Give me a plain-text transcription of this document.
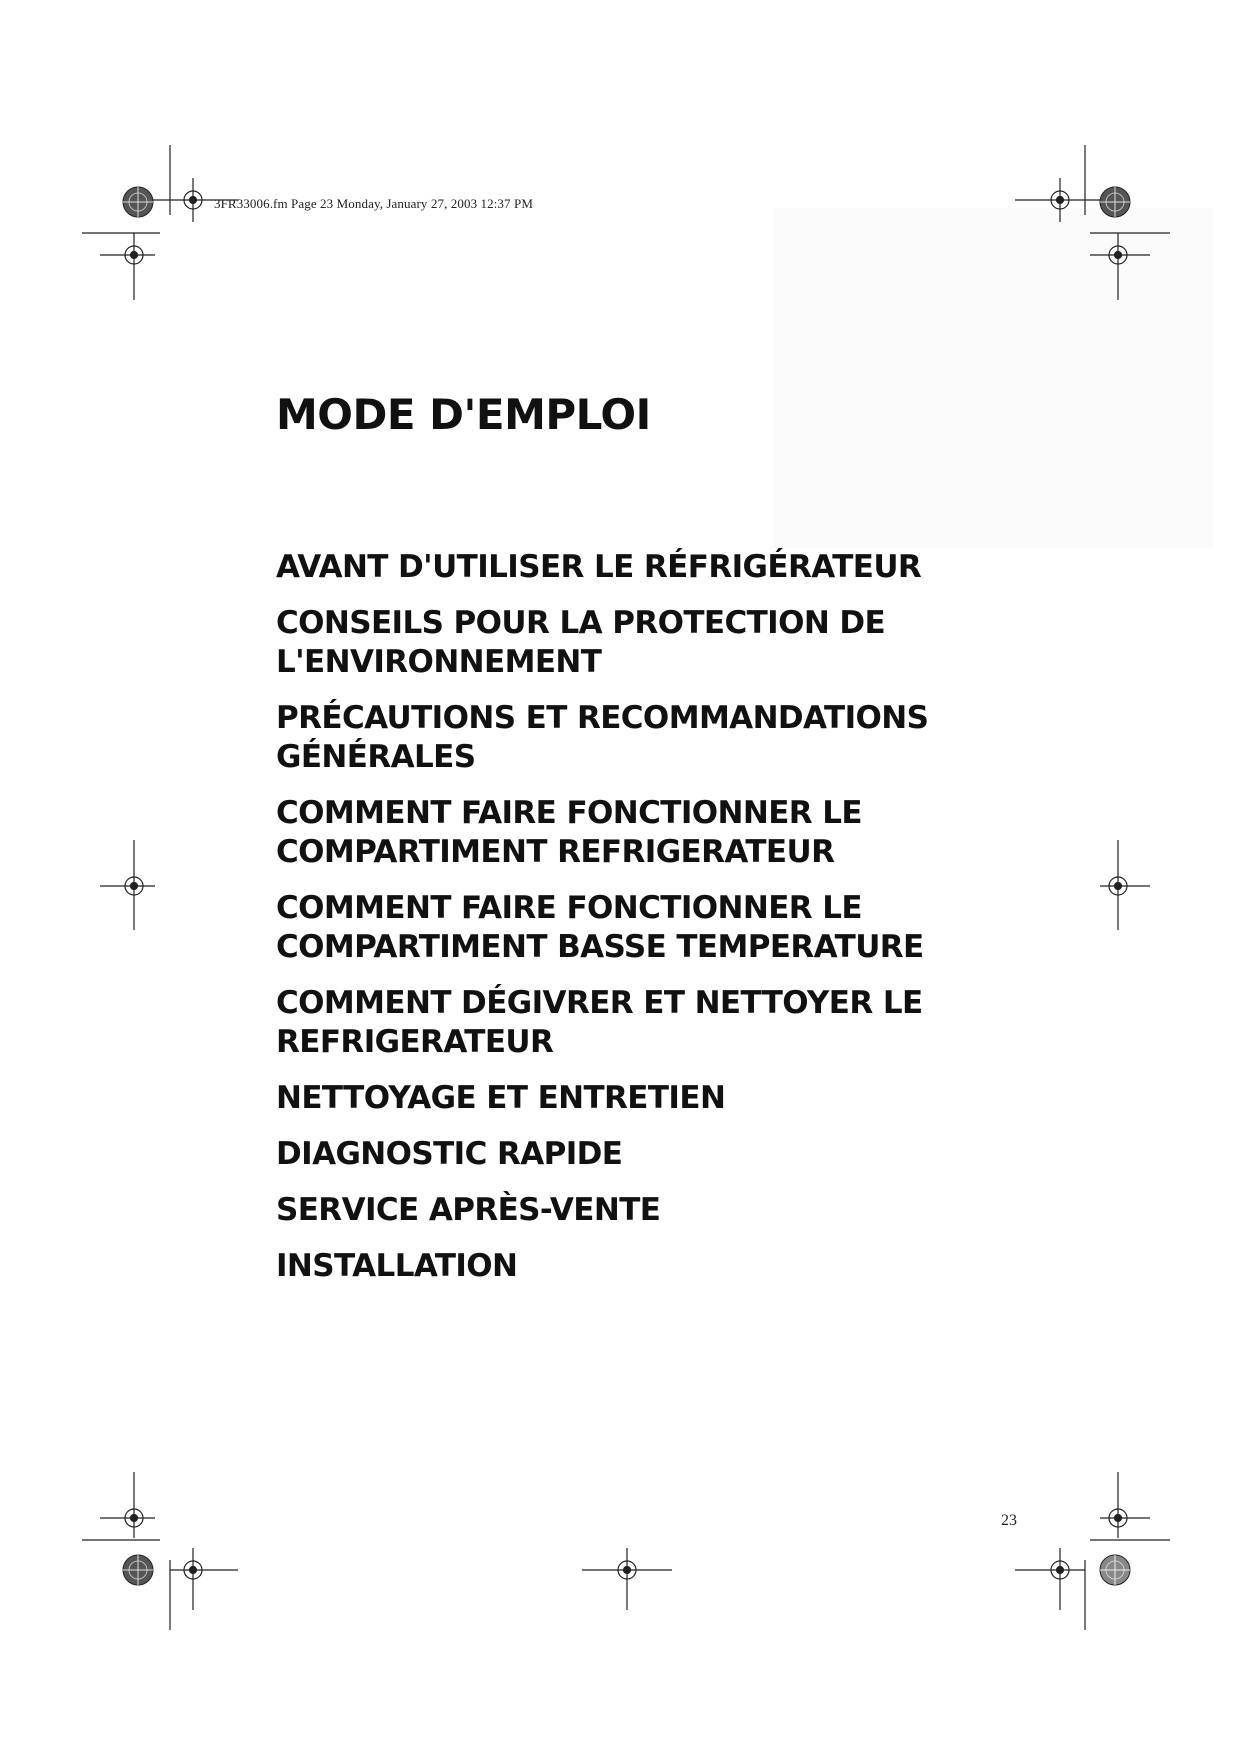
3FR33006.fm Page 23 Monday, January 27, 2003 12:37 PM
MODE D'EMPLOI
AVANT D'UTILISER LE RÉFRIGÉRATEUR
CONSEILS POUR LA PROTECTION DE
L'ENVIRONNEMENT
PRÉCAUTIONS ET RECOMMANDATIONS
GÉNÉRALES
COMMENT FAIRE FONCTIONNER LE
COMPARTIMENT REFRIGERATEUR
COMMENT FAIRE FONCTIONNER LE
COMPARTIMENT BASSE TEMPERATURE
COMMENT DÉGIVRER ET NETTOYER LE
REFRIGERATEUR
NETTOYAGE ET ENTRETIEN
DIAGNOSTIC RAPIDE
SERVICE APRÈS-VENTE
INSTALLATION
23
